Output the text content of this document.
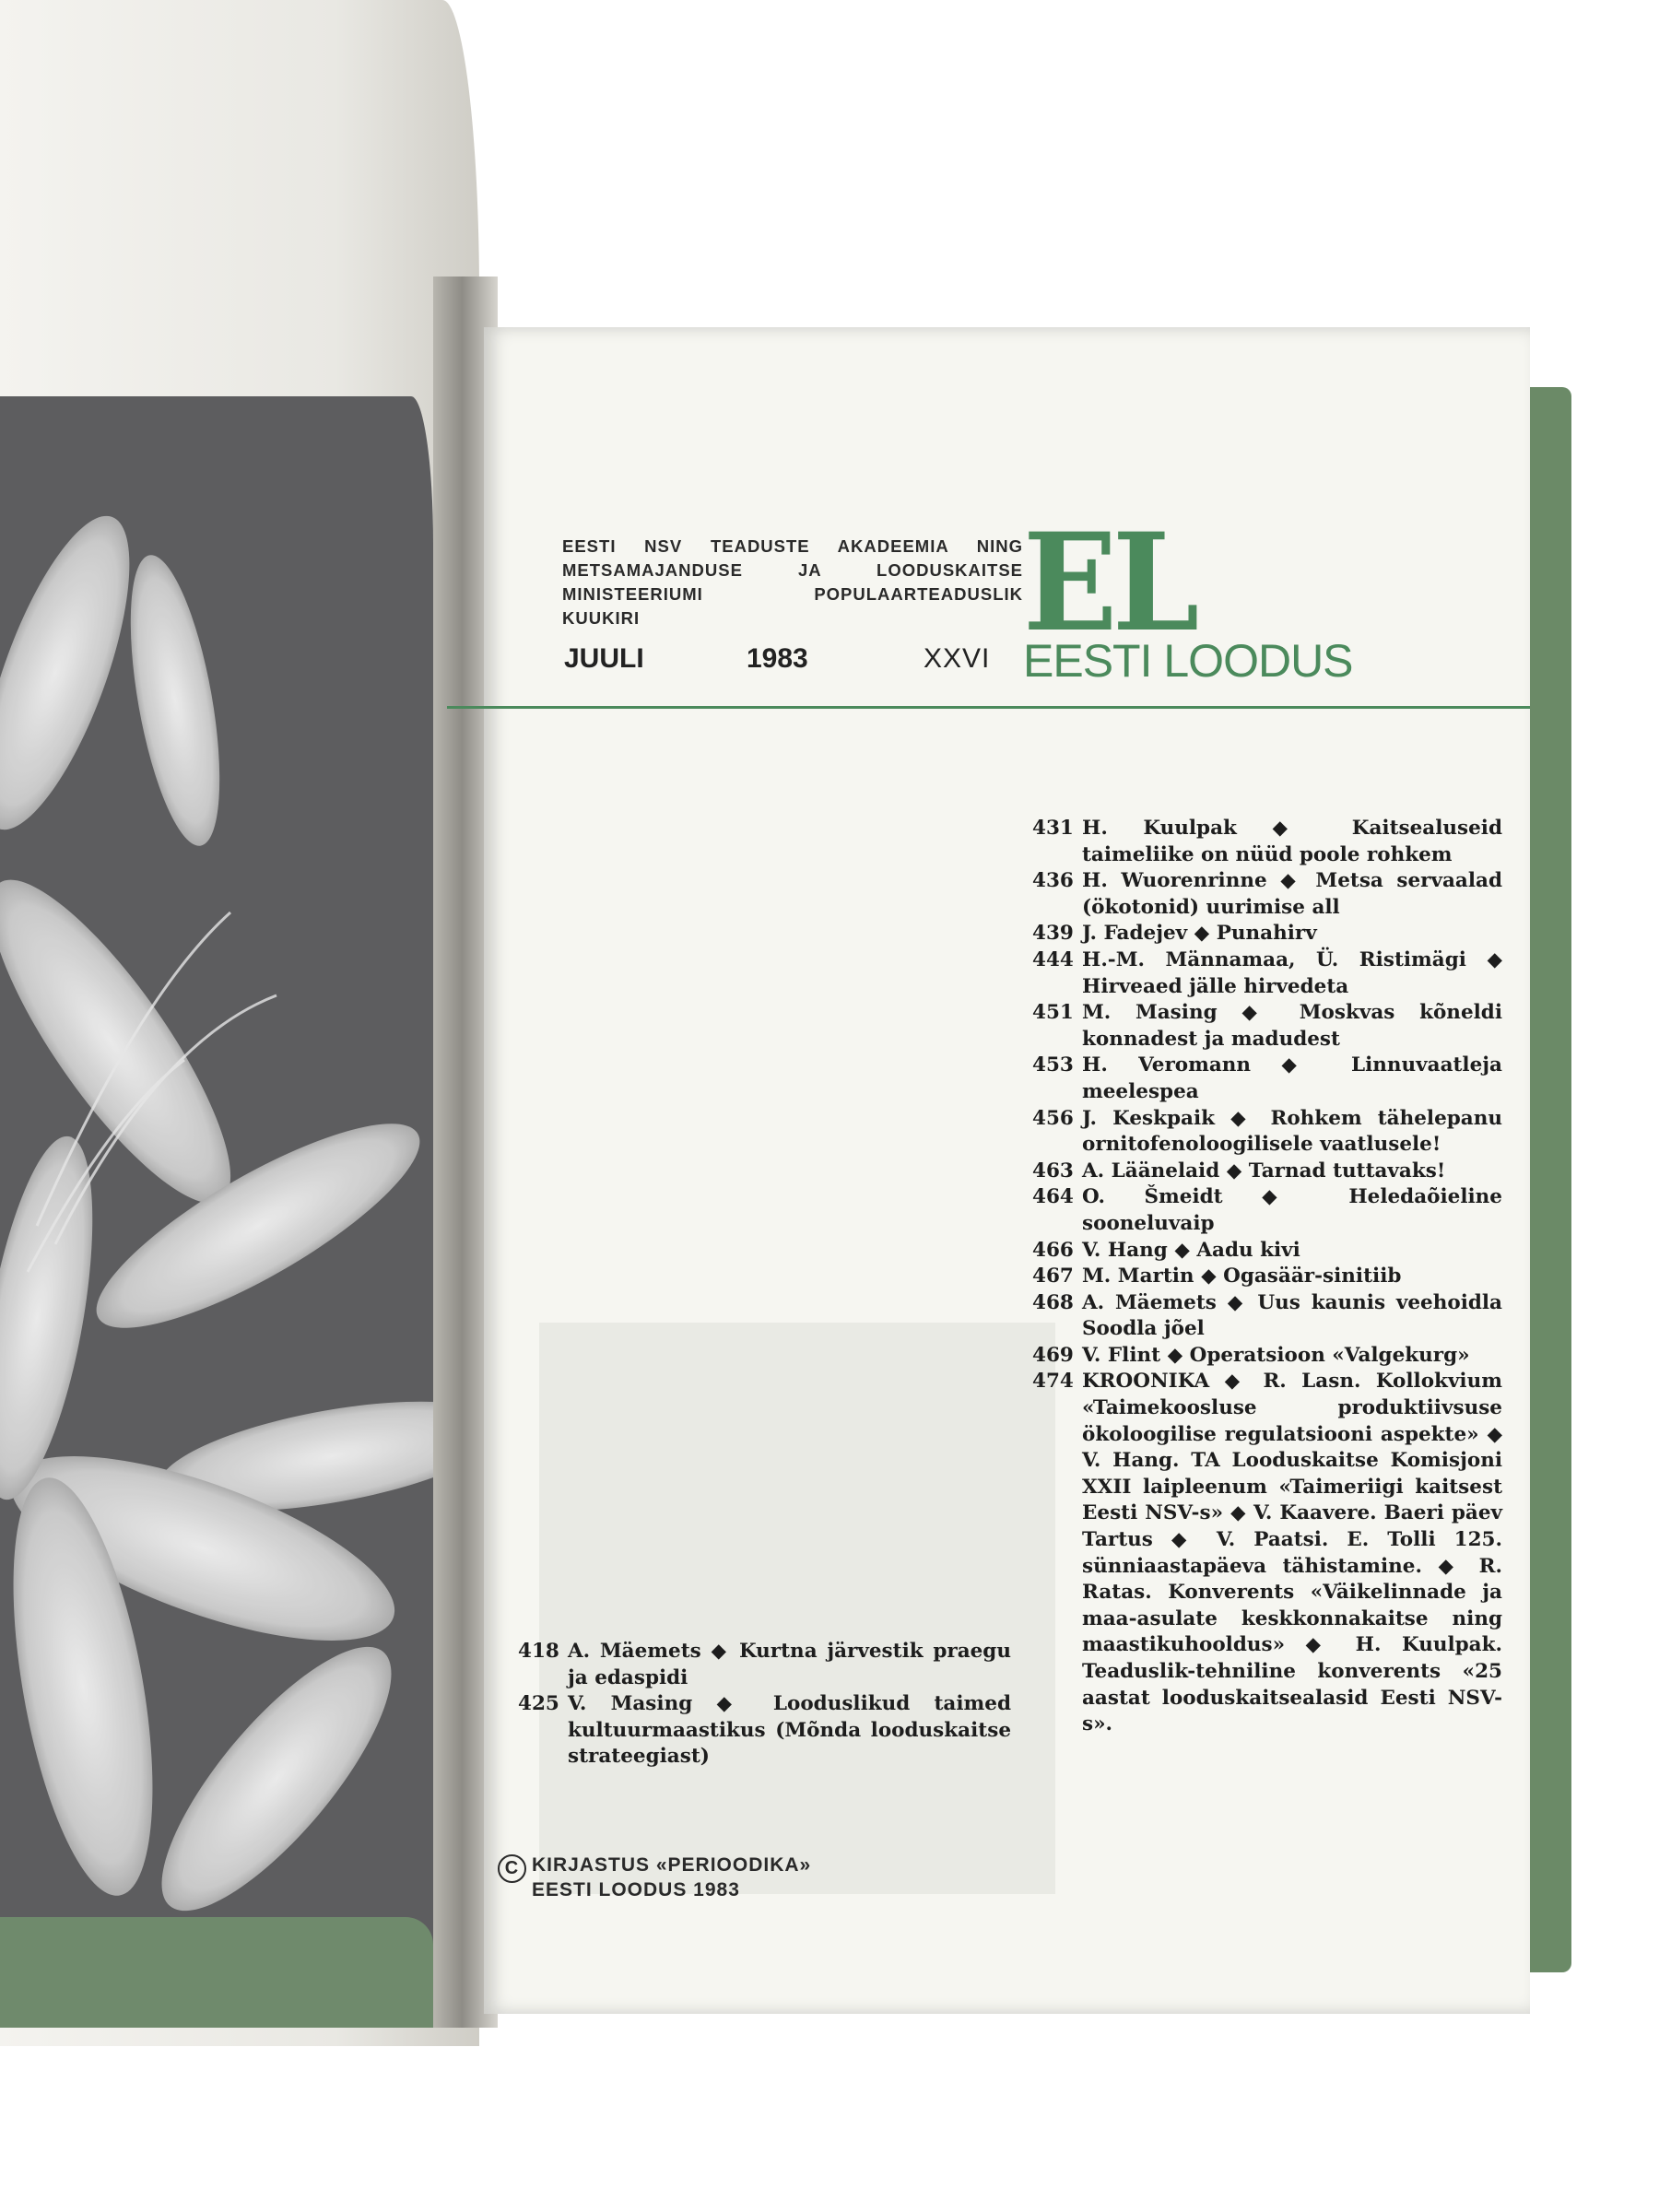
EESTI NSV TEADUSTE AKADEEMIA NING
METSAMAJANDUSE JA LOODUSKAITSE
MINISTEERIUMI POPULAARTEADUSLIK
KUUKIRI	EL
JUULI	1983	XXVI EESTI LOODUS
431 H. Kuulpak ◆ Kaitsealuseid taimeliike on nüüd poole rohkem
436 H. Wuorenrinne ◆ Metsa servaalad (ökotonid) uurimise all
439 J. Fadejev ◆ Punahirv
444 H.-M. Männamaa, Ü. Ristimägi ◆ Hirveaed jälle hirvedeta
451 M. Masing ◆ Moskvas kõneldi konnadest ja madudest
453 H. Veromann ◆ Linnuvaatleja meelespea
456 J. Keskpaik ◆ Rohkem tähelepanu ornitofenoloogilisele vaatlusele!
463 A. Läänelaid ◆ Tarnad tuttavaks!
464 O. Šmeidt ◆ Heledaõieline sooneluvaip
466 V. Hang ◆ Aadu kivi
467 M. Martin ◆ Ogasäär-sinitiib
468 A. Mäemets ◆ Uus kaunis veehoidla Soodla jõel
469 V. Flint ◆ Operatsioon «Valgekurg»
474 KROONIKA ◆ R. Lasn. Kollokvium «Taimekoosluse produktiivsuse ökoloogilise regulatsiooni aspekte» ◆ V. Hang. TA Looduskaitse Komisjoni XXII laipleenum «Taimeriigi kaitsest Eesti NSV-s» ◆ V. Kaavere. Baeri päev Tartus ◆ V. Paatsi. E. Tolli 125. sünniaastapäeva tähistamine. ◆ R. Ratas. Konverents «Väikelinnade ja maa-asulate keskkonnakaitse ning maastikuhooldus» ◆ H. Kuulpak. Teaduslik-tehniline konverents «25 aastat looduskaitsealasid Eesti NSV-s».
418 A. Mäemets ◆ Kurtna järvestik praegu ja edaspidi
425 V. Masing ◆ Looduslikud taimed kultuurmaastikus (Mõnda looduskaitse strateegiast)
C KIRJASTUS «PERIOODIKA»
EESTI LOODUS 1983
